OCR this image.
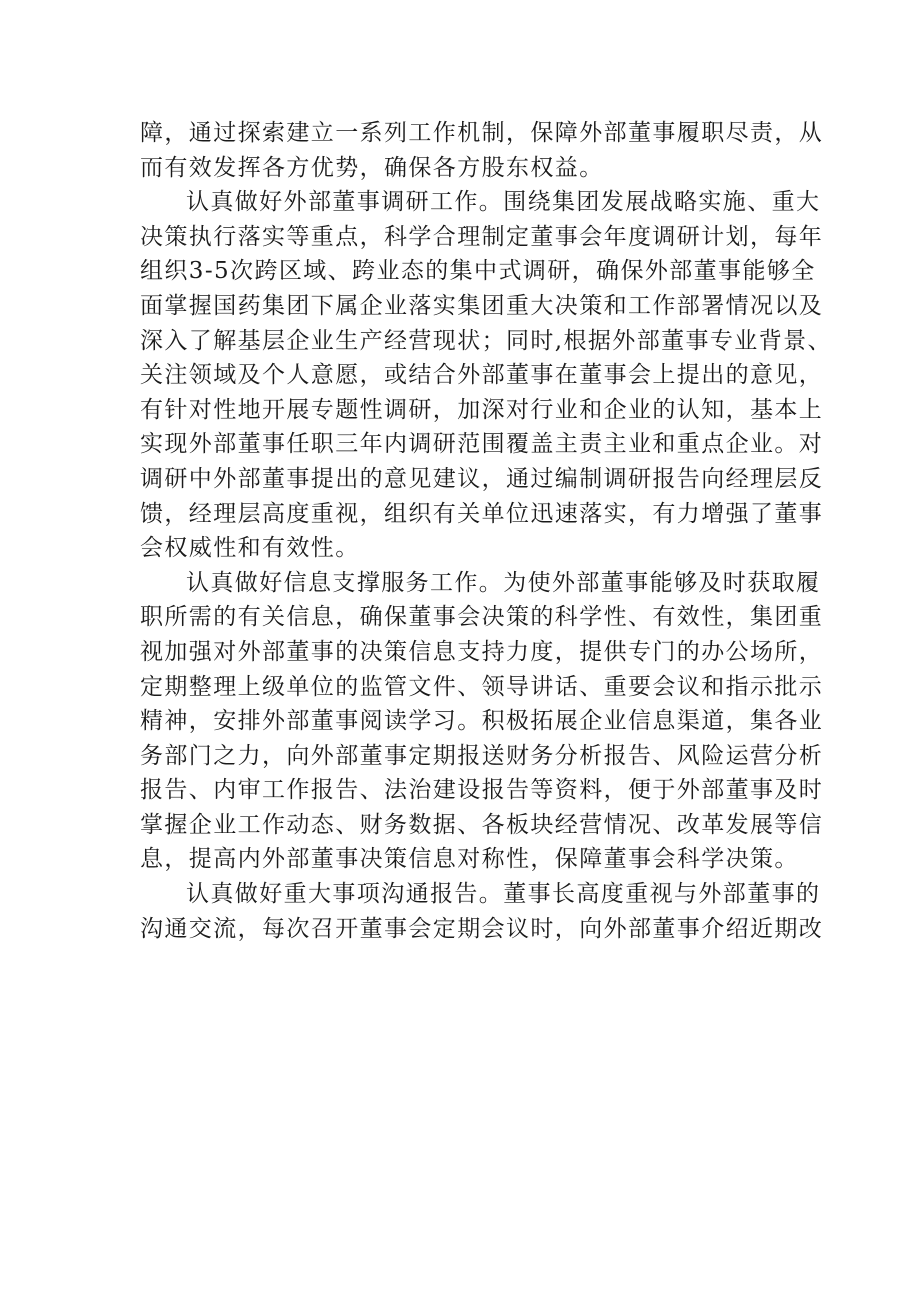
障，通过探索建立一系列工作机制，保障外部董事履职尽责，从
而有效发挥各方优势，确保各方股东权益。

认真做好外部董事调研工作。围绕集团发展战略实施、重大
决策执行落实等重点，科学合理制定董事会年度调研计划，每年
组织3-5次跨区域、跨业态的集中式调研，确保外部董事能够全
面掌握国药集团下属企业落实集团重大决策和工作部署情况以及
深入了解基层企业生产经营现状；同时,根据外部董事专业背景、
关注领域及个人意愿，或结合外部董事在董事会上提出的意见，
有针对性地开展专题性调研，加深对行业和企业的认知，基本上
实现外部董事任职三年内调研范围覆盖主责主业和重点企业。对
调研中外部董事提出的意见建议，通过编制调研报告向经理层反
馈，经理层高度重视，组织有关单位迅速落实，有力增强了董事
会权威性和有效性。

认真做好信息支撑服务工作。为使外部董事能够及时获取履
职所需的有关信息，确保董事会决策的科学性、有效性，集团重
视加强对外部董事的决策信息支持力度，提供专门的办公场所，
定期整理上级单位的监管文件、领导讲话、重要会议和指示批示
精神，安排外部董事阅读学习。积极拓展企业信息渠道，集各业
务部门之力，向外部董事定期报送财务分析报告、风险运营分析
报告、内审工作报告、法治建设报告等资料，便于外部董事及时
掌握企业工作动态、财务数据、各板块经营情况、改革发展等信
息，提高内外部董事决策信息对称性，保障董事会科学决策。

认真做好重大事项沟通报告。董事长高度重视与外部董事的
沟通交流，每次召开董事会定期会议时，向外部董事介绍近期改
